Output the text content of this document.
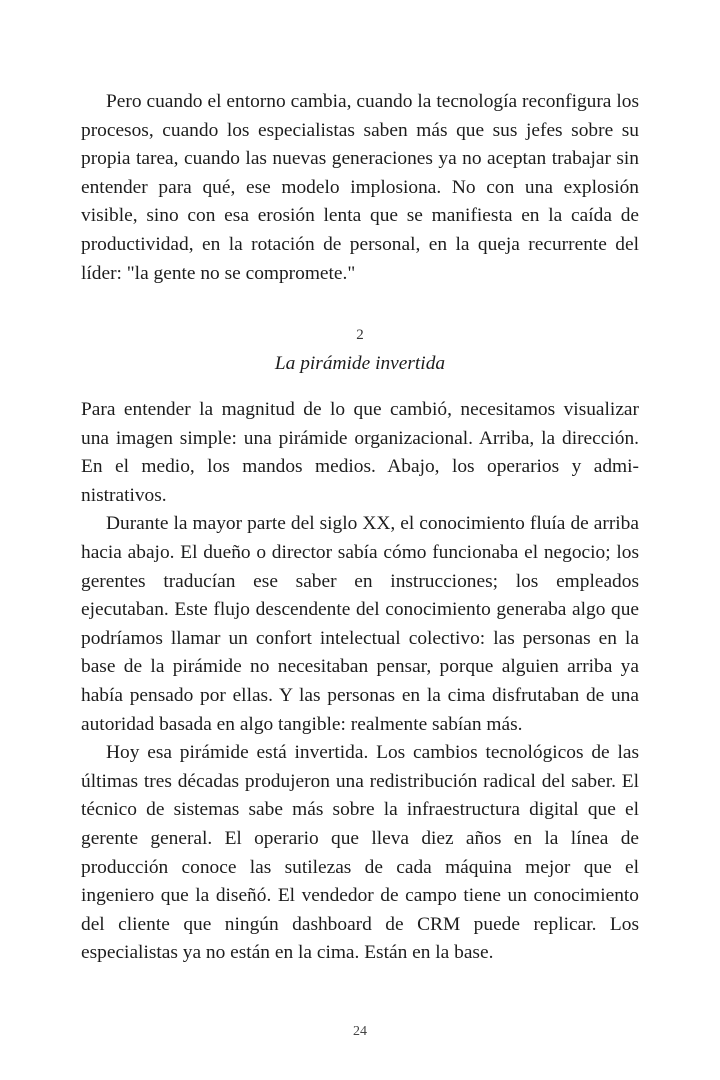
Pero cuando el entorno cambia, cuando la tecnología reconfigura los procesos, cuando los especialistas saben más que sus jefes sobre su propia tarea, cuando las nuevas generaciones ya no aceptan trabajar sin entender para qué, ese modelo implosiona. No con una explosión visible, sino con esa erosión lenta que se manifiesta en la caída de productividad, en la rotación de personal, en la queja recurrente del líder: "la gente no se compromete."

2
La pirámide invertida

Para entender la magnitud de lo que cambió, necesitamos visualizar una imagen simple: una pirámide organizacional. Arriba, la dirección. En el medio, los mandos medios. Abajo, los operarios y administrativos.

Durante la mayor parte del siglo XX, el conocimiento fluía de arriba hacia abajo. El dueño o director sabía cómo funcionaba el negocio; los gerentes traducían ese saber en instrucciones; los empleados ejecutaban. Este flujo descendente del conocimiento generaba algo que podríamos llamar un confort intelectual colectivo: las personas en la base de la pirámide no necesitaban pensar, porque alguien arriba ya había pensado por ellas. Y las personas en la cima disfrutaban de una autoridad basada en algo tangible: realmente sabían más.

Hoy esa pirámide está invertida. Los cambios tecnológicos de las últimas tres décadas produjeron una redistribución radical del saber. El técnico de sistemas sabe más sobre la infraestructura digital que el gerente general. El operario que lleva diez años en la línea de producción conoce las sutilezas de cada máquina mejor que el ingeniero que la diseñó. El vendedor de campo tiene un conocimiento del cliente que ningún dashboard de CRM puede replicar. Los especialistas ya no están en la cima. Están en la base.

24
